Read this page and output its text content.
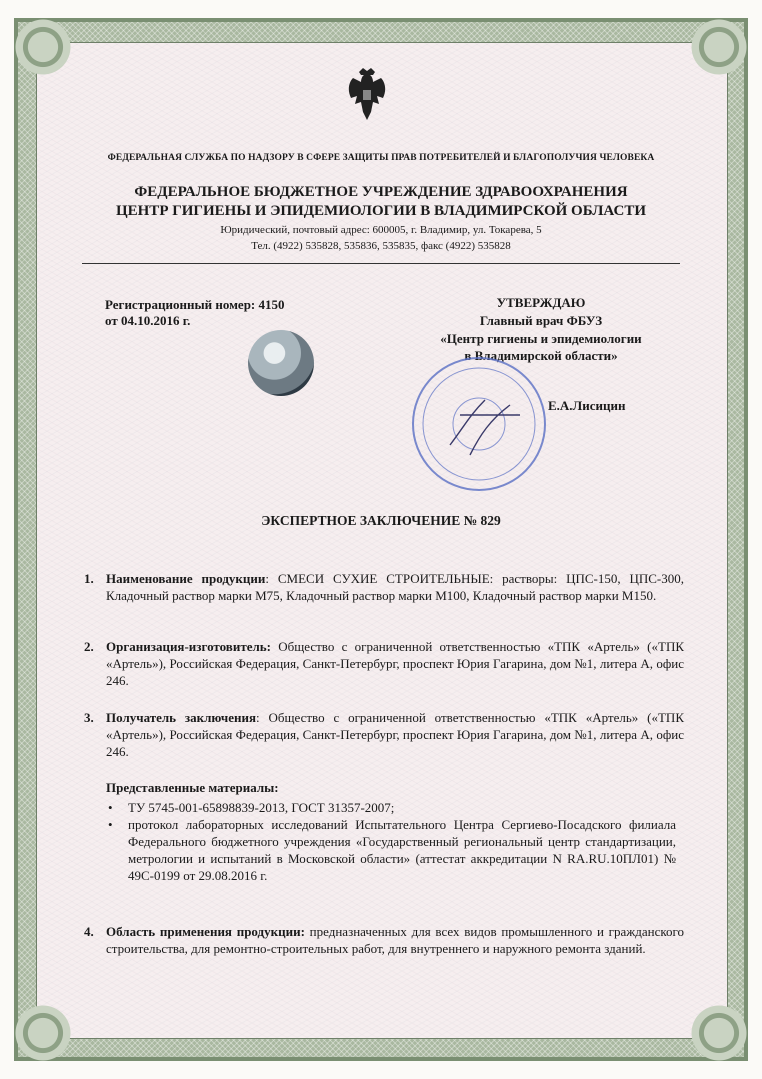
ФЕДЕРАЛЬНАЯ СЛУЖБА ПО НАДЗОРУ В СФЕРЕ ЗАЩИТЫ ПРАВ ПОТРЕБИТЕЛЕЙ И БЛАГОПОЛУЧИЯ ЧЕЛОВЕКА
ФЕДЕРАЛЬНОЕ БЮДЖЕТНОЕ УЧРЕЖДЕНИЕ ЗДРАВООХРАНЕНИЯ
ЦЕНТР ГИГИЕНЫ И ЭПИДЕМИОЛОГИИ В ВЛАДИМИРСКОЙ ОБЛАСТИ
Юридический, почтовый адрес: 600005, г. Владимир, ул. Токарева, 5
Тел. (4922) 535828, 535836, 535835, факс (4922) 535828
Регистрационный номер: 4150
от 04.10.2016 г.
УТВЕРЖДАЮ
Главный врач ФБУЗ
«Центр гигиены и эпидемиологии
в Владимирской области»
Е.А.Лисицин
ЭКСПЕРТНОЕ ЗАКЛЮЧЕНИЕ № 829
1. Наименование продукции: СМЕСИ СУХИЕ СТРОИТЕЛЬНЫЕ: растворы: ЦПС-150, ЦПС-300, Кладочный раствор марки М75, Кладочный раствор марки М100, Кладочный раствор марки М150.
2. Организация-изготовитель: Общество с ограниченной ответственностью «ТПК «Артель» («ТПК «Артель»), Российская Федерация, Санкт-Петербург, проспект Юрия Гагарина, дом №1, литера А, офис 246.
3. Получатель заключения: Общество с ограниченной ответственностью «ТПК «Артель» («ТПК «Артель»), Российская Федерация, Санкт-Петербург, проспект Юрия Гагарина, дом №1, литера А, офис 246.
Представленные материалы:
• ТУ 5745-001-65898839-2013, ГОСТ 31357-2007;
• протокол лабораторных исследований Испытательного Центра Сергиево-Посадского филиала Федерального бюджетного учреждения «Государственный региональный центр стандартизации, метрологии и испытаний в Московской области» (аттестат аккредитации N RA.RU.10ПЛ01) № 49С-0199 от 29.08.2016 г.
4. Область применения продукции: предназначенных для всех видов промышленного и гражданского строительства, для ремонтно-строительных работ, для внутреннего и наружного ремонта зданий.
